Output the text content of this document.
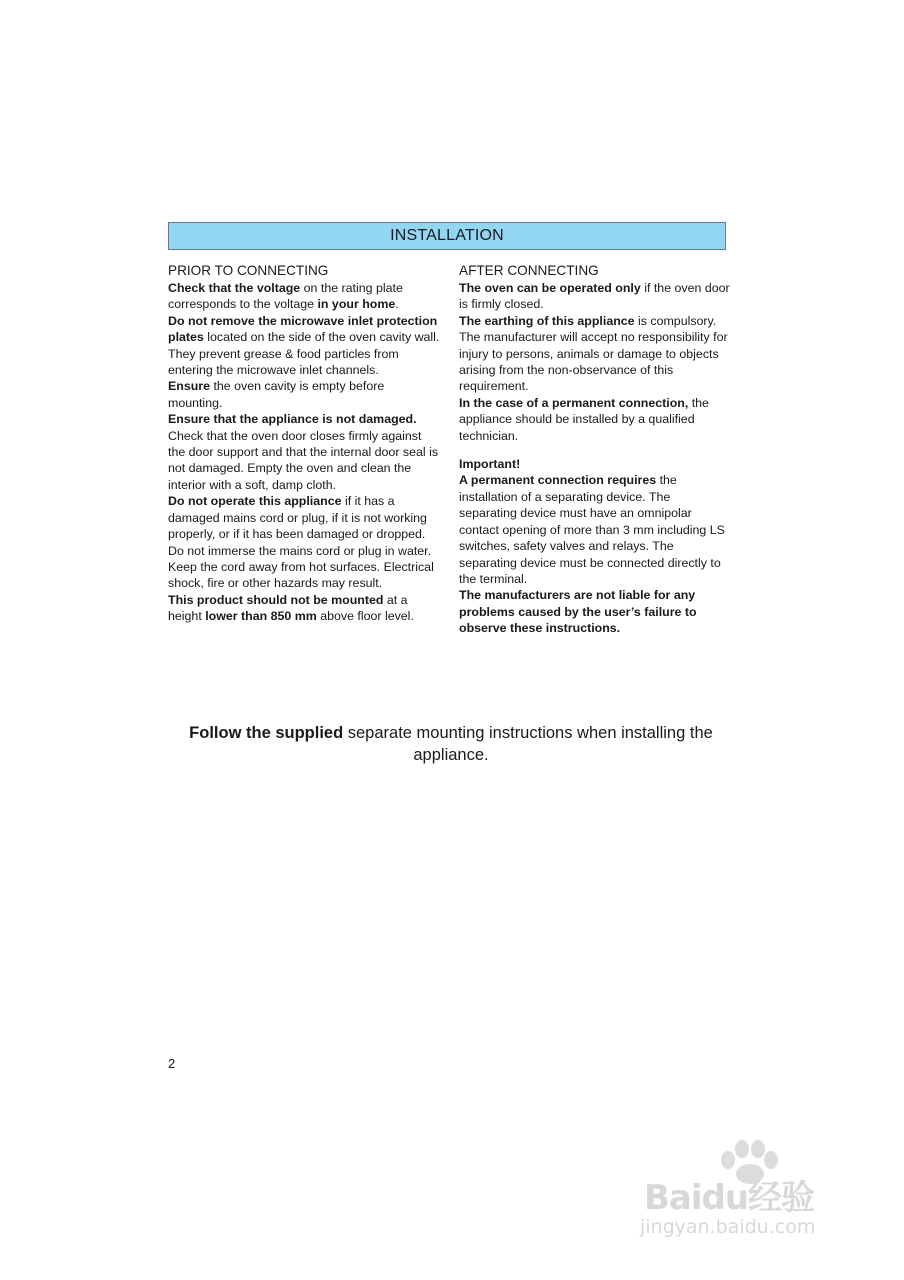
INSTALLATION
PRIOR TO CONNECTING

Check that the voltage on the rating plate corresponds to the voltage in your home.

Do not remove the microwave inlet protection plates located on the side of the oven cavity wall. They prevent grease & food particles from entering the microwave inlet channels.

Ensure the oven cavity is empty before mounting.

Ensure that the appliance is not damaged. Check that the oven door closes firmly against the door support and that the internal door seal is not damaged. Empty the oven and clean the interior with a soft, damp cloth.

Do not operate this appliance if it has a damaged mains cord or plug, if it is not working properly, or if it has been damaged or dropped. Do not immerse the mains cord or plug in water. Keep the cord away from hot surfaces. Electrical shock, fire or other hazards may result.

This product should not be mounted at a height lower than 850 mm above floor level.

AFTER CONNECTING

The oven can be operated only if the oven door is firmly closed.

The earthing of this appliance is compulsory. The manufacturer will accept no responsibility for injury to persons, animals or damage to objects arising from the non-observance of this requirement.

In the case of a permanent connection, the appliance should be installed by a qualified technician.

Important!

A permanent connection requires the installation of a separating device. The separating device must have an omnipolar contact opening of more than 3 mm including LS switches, safety valves and relays. The separating device must be connected directly to the terminal.

The manufacturers are not liable for any problems caused by the user’s failure to observe these instructions.

Follow the supplied separate mounting instructions when installing the appliance.
2
Baidu经验
jingyan.baidu.com
